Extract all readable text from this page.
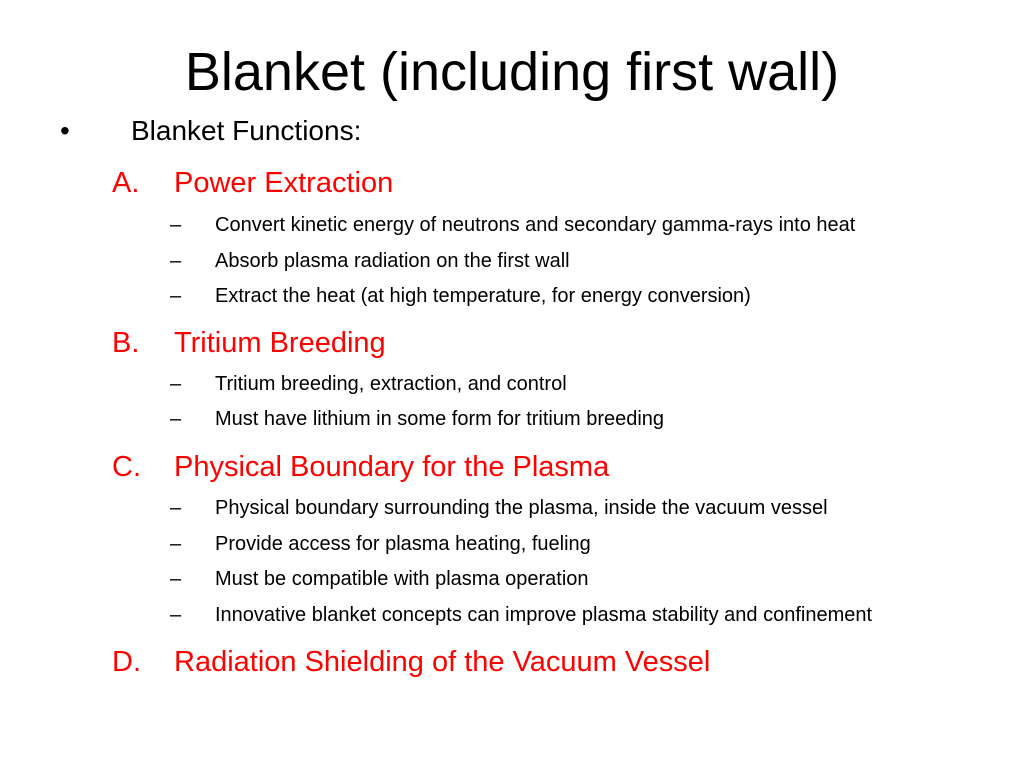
Blanket (including first wall)
• Blanket Functions:
A. Power Extraction
– Convert kinetic energy of neutrons and secondary gamma-rays into heat
– Absorb plasma radiation on the first wall
– Extract the heat (at high temperature, for energy conversion)
B. Tritium Breeding
– Tritium breeding, extraction, and control
– Must have lithium in some form for tritium breeding
C. Physical Boundary for the Plasma
– Physical boundary surrounding the plasma, inside the vacuum vessel
– Provide access for plasma heating, fueling
– Must be compatible with plasma operation
– Innovative blanket concepts can improve plasma stability and confinement
D. Radiation Shielding of the Vacuum Vessel
